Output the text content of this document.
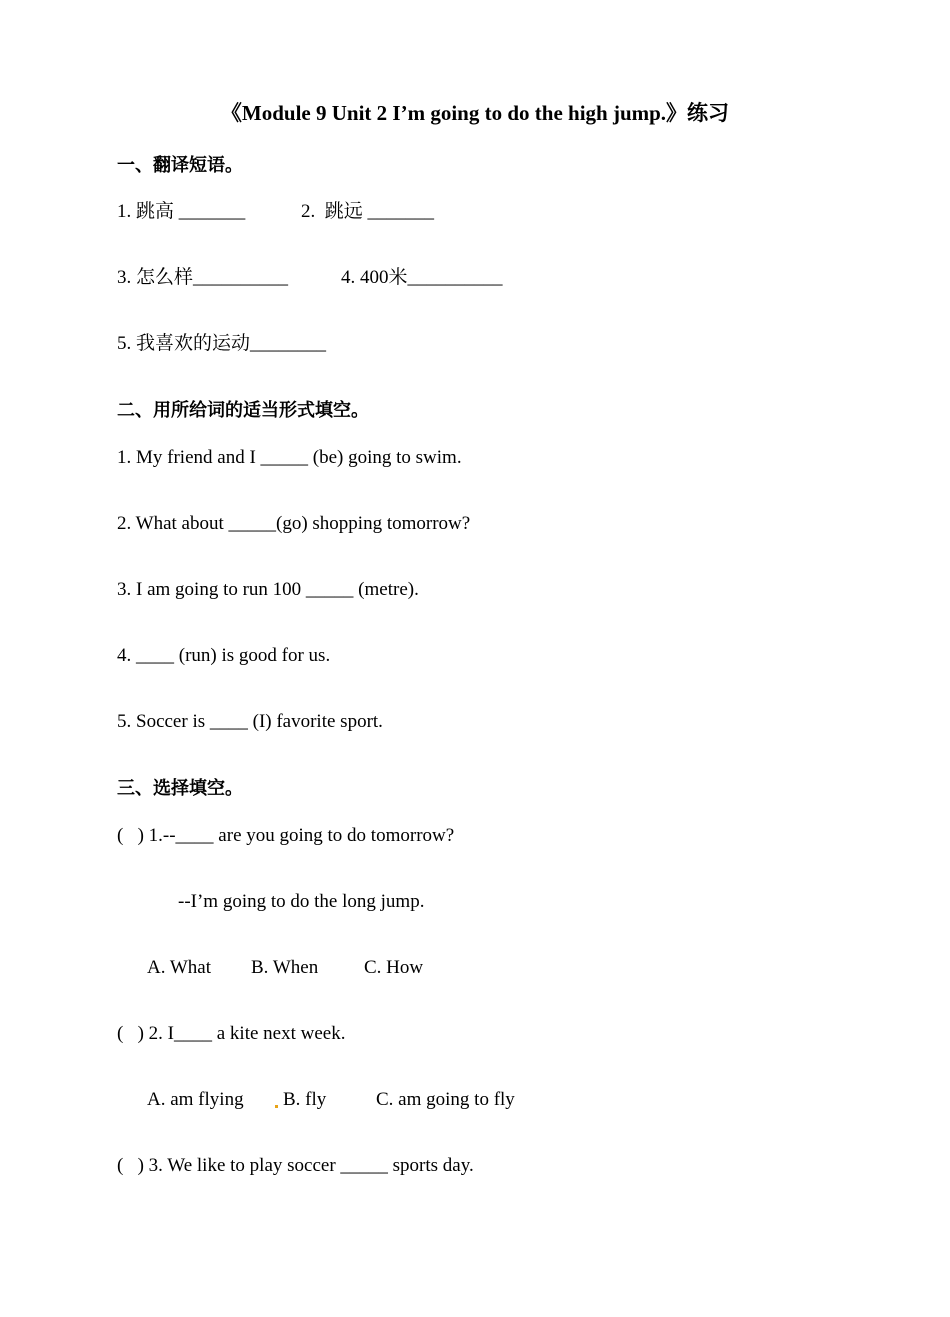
《Module 9 Unit 2 I’m going to do the high jump.》练习
一、翻译短语。
1. 跳高 _______	2.  跳远 _______
3. 怎么样__________	4. 400米__________
5. 我喜欢的运动________
二、用所给词的适当形式填空。
1. My friend and I _____ (be) going to swim.
2. What about _____(go) shopping tomorrow?
3. I am going to run 100 _____ (metre).
4. ____ (run) is good for us.
5. Soccer is ____ (I) favorite sport.
三、选择填空。
(   ) 1.--____ are you going to do tomorrow?
--I’m going to do the long jump.
A. What B. When C. How
(   ) 2. I____ a kite next week.
A. am flying B. fly	C. am going to fly
(   ) 3. We like to play soccer _____ sports day.
